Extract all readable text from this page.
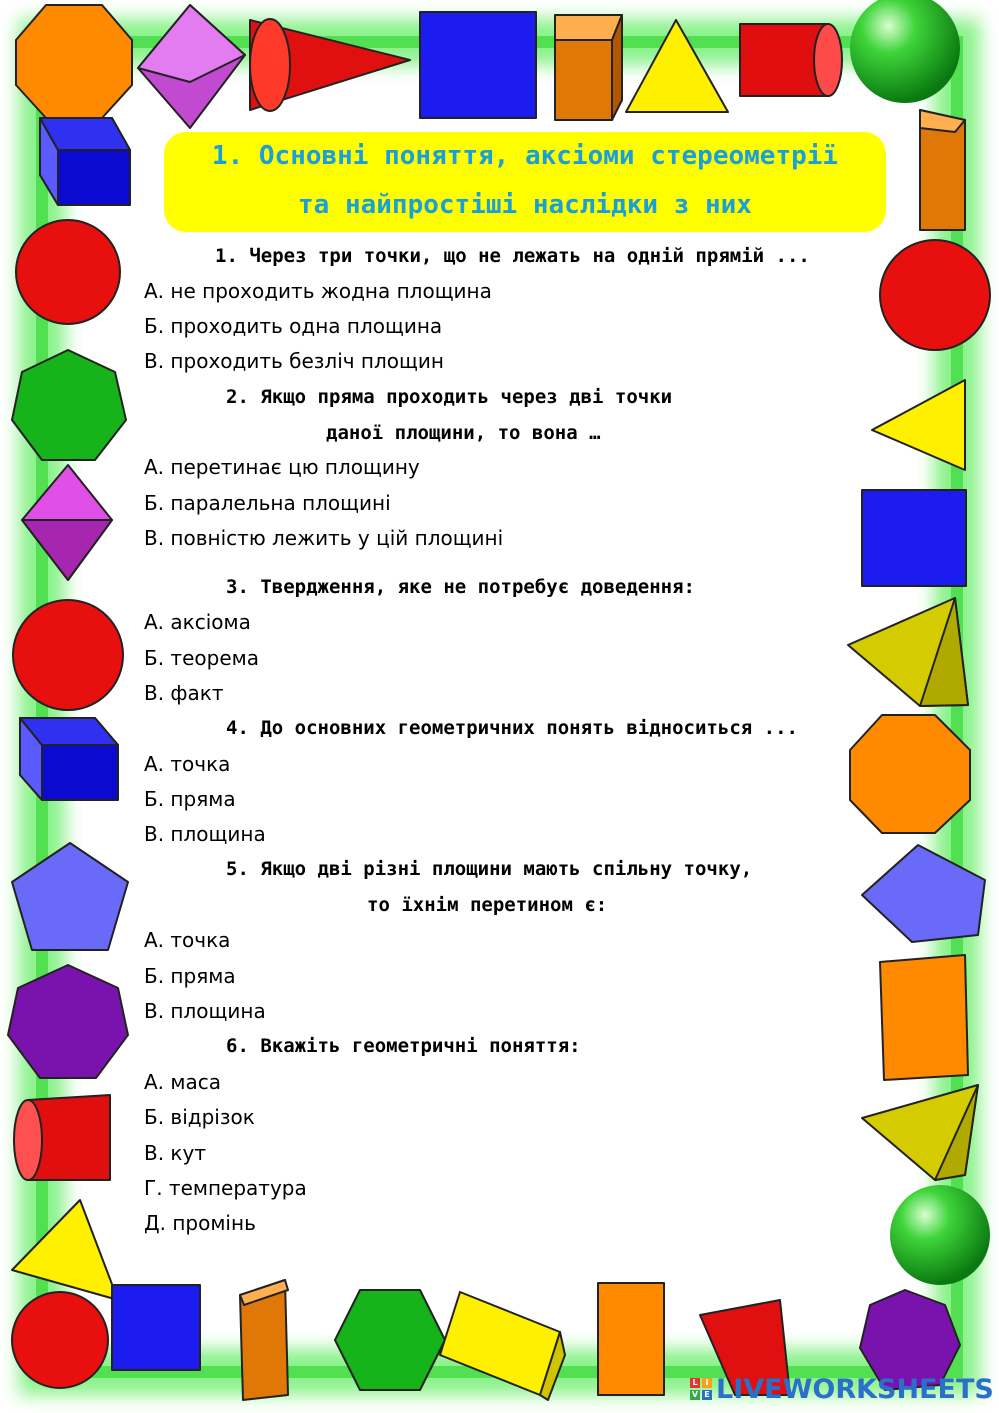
1. Основні поняття, аксіоми стереометрії
та найпростіші наслідки з них
1. Через три точки, що не лежать на одній прямій ...
А. не проходить жодна площина
Б. проходить одна площина
В. проходить безліч площин
2. Якщо пряма проходить через дві точки
даної площини, то вона …
А. перетинає цю площину
Б. паралельна площині
В. повністю лежить у цій площині
3. Твердження, яке не потребує доведення:
А. аксіома
Б. теорема
В. факт
4. До основних геометричних понять відноситься ...
А. точка
Б. пряма
В. площина
5. Якщо дві різні площини мають спільну точку,
то їхнім перетином є:
А. точка
Б. пряма
В. площина
6. Вкажіть геометричні поняття:
А. маса
Б. відрізок
В. кут
Г. температура
Д. промінь
L I
V E LIVEWORKSHEETS
